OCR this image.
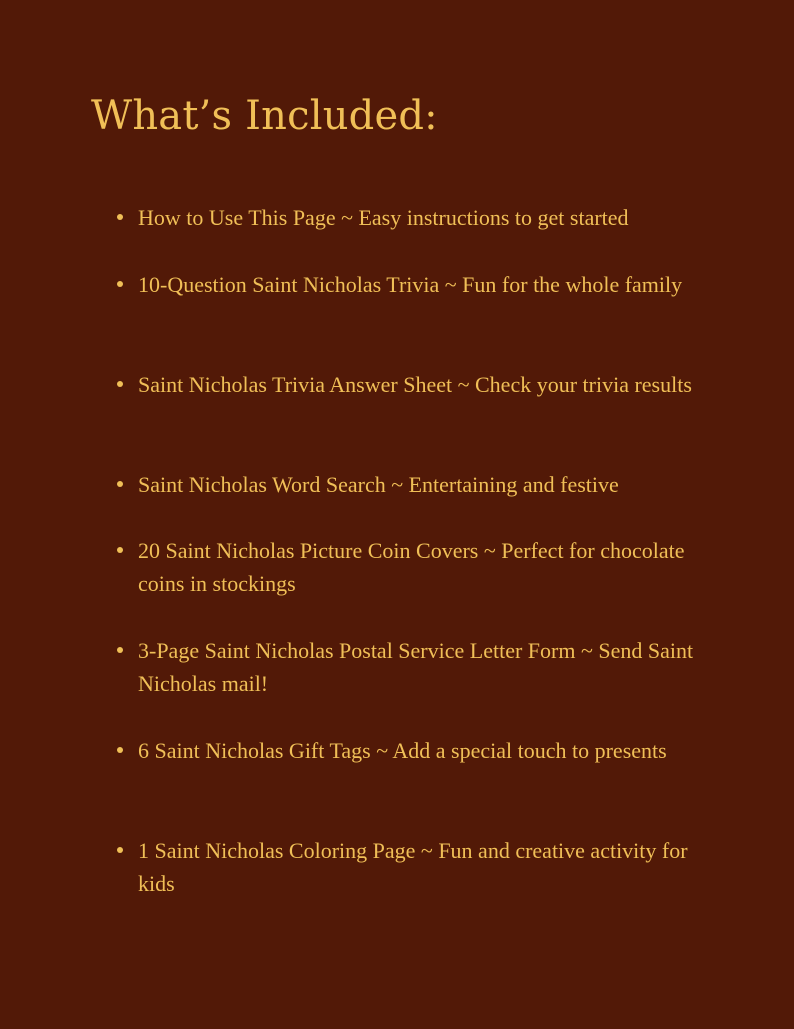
What’s Included:
How to Use This Page ~ Easy instructions to get started
10-Question Saint Nicholas Trivia ~ Fun for the whole family
Saint Nicholas Trivia Answer Sheet ~ Check your trivia results
Saint Nicholas Word Search ~ Entertaining and festive
20 Saint Nicholas Picture Coin Covers ~ Perfect for chocolate coins in stockings
3-Page Saint Nicholas Postal Service Letter Form ~ Send Saint Nicholas mail!
6 Saint Nicholas Gift Tags ~ Add a special touch to presents
1 Saint Nicholas Coloring Page ~ Fun and creative activity for kids
